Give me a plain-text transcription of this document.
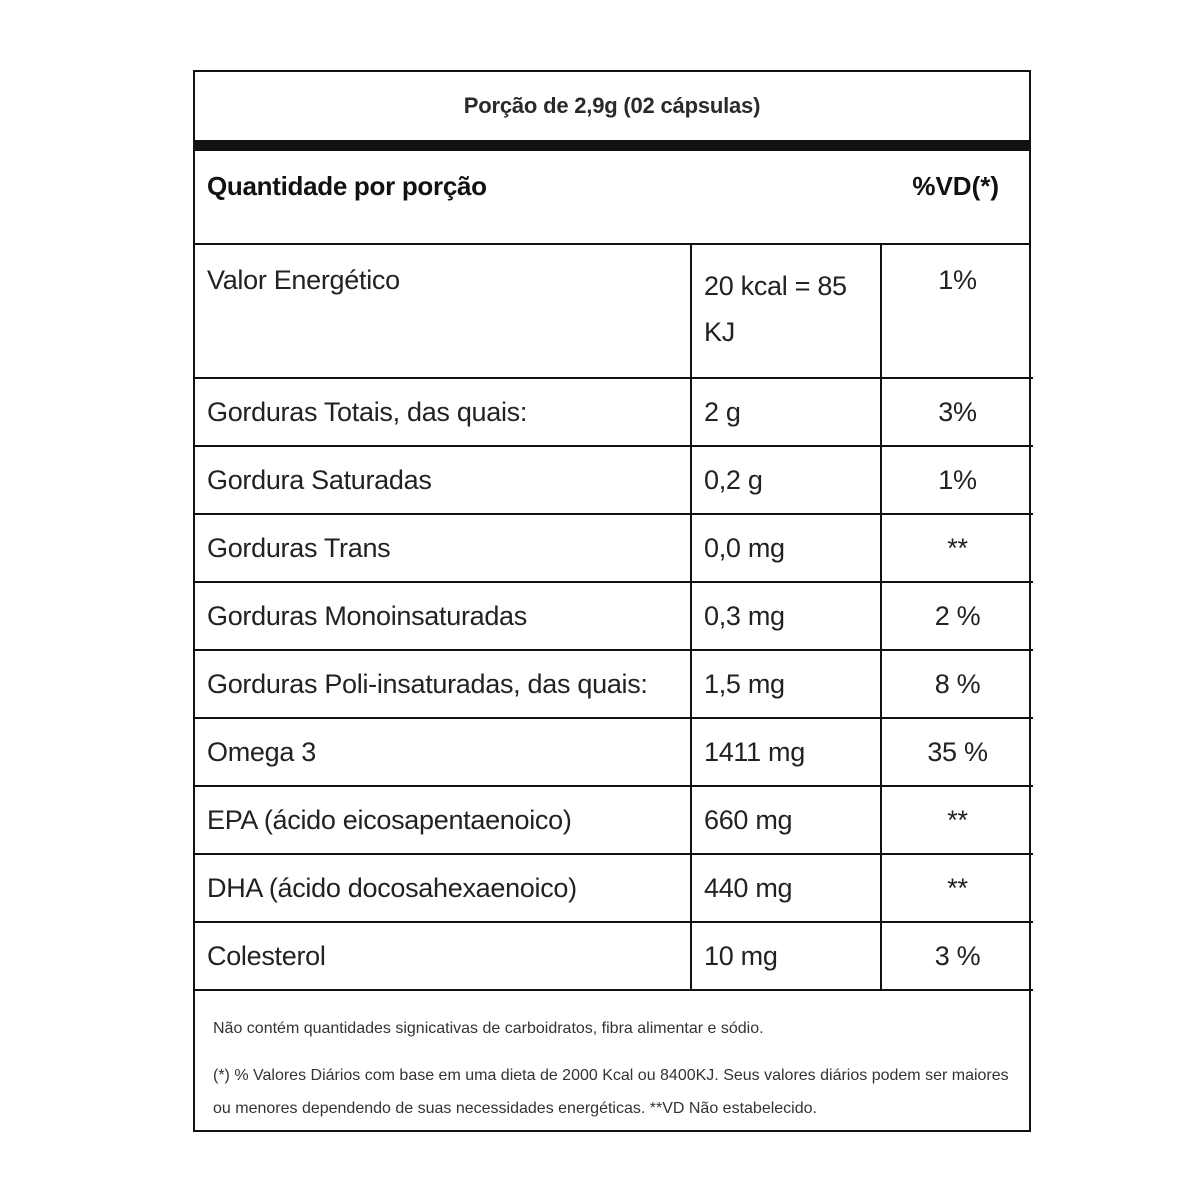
Porção de 2,9g (02 cápsulas)
Quantidade por porção	%VD(*)
Valor Energético	20 kcal = 85 KJ	1%
Gorduras Totais, das quais:	2 g	3%
Gordura Saturadas	0,2 g	1%
Gorduras Trans	0,0 mg	**
Gorduras Monoinsaturadas	0,3 mg	2 %
Gorduras Poli-insaturadas, das quais:	1,5 mg	8 %
Omega 3	1411 mg	35 %
EPA (ácido eicosapentaenoico)	660 mg	**
DHA (ácido docosahexaenoico)	440 mg	**
Colesterol	10 mg	3 %

Não contém quantidades signicativas de carboidratos, fibra alimentar e sódio.

(*) % Valores Diários com base em uma dieta de 2000 Kcal ou 8400KJ. Seus valores diários podem ser maiores ou menores dependendo de suas necessidades energéticas. **VD Não estabelecido.
